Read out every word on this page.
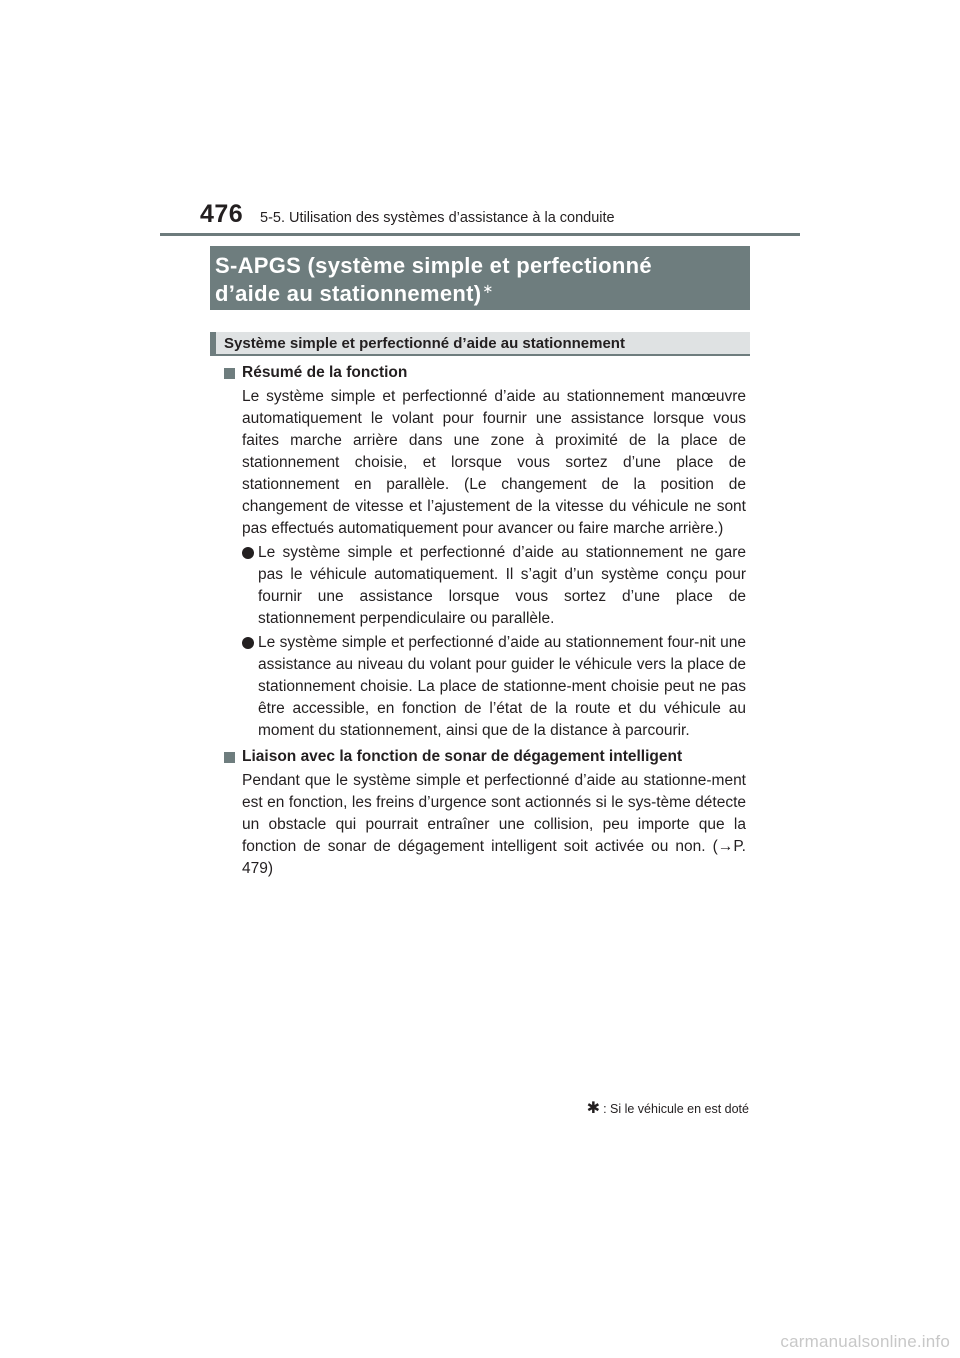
476 5-5. Utilisation des systèmes d’assistance à la conduite
S-APGS (système simple et perfectionné
d’aide au stationnement)∗
Système simple et perfectionné d’aide au stationnement
Résumé de la fonction
Le système simple et perfectionné d’aide au stationnement manœuvre automatiquement le volant pour fournir une assistance lorsque vous faites marche arrière dans une zone à proximité de la place de stationnement choisie, et lorsque vous sortez d’une place de stationnement en parallèle. (Le changement de la position de changement de vitesse et l’ajustement de la vitesse du véhicule ne sont pas effectués automatiquement pour avancer ou faire marche arrière.)
Le système simple et perfectionné d’aide au stationnement ne gare pas le véhicule automatiquement. Il s’agit d’un système conçu pour fournir une assistance lorsque vous sortez d’une place de stationnement perpendiculaire ou parallèle.
Le système simple et perfectionné d’aide au stationnement four-nit une assistance au niveau du volant pour guider le véhicule vers la place de stationnement choisie. La place de stationne-ment choisie peut ne pas être accessible, en fonction de l’état de la route et du véhicule au moment du stationnement, ainsi que de la distance à parcourir.
Liaison avec la fonction de sonar de dégagement intelligent
Pendant que le système simple et perfectionné d’aide au stationne-ment est en fonction, les freins d’urgence sont actionnés si le sys-tème détecte un obstacle qui pourrait entraîner une collision, peu importe que la fonction de sonar de dégagement intelligent soit activée ou non. (→P. 479)
✱ : Si le véhicule en est doté
carmanualsonline.info
